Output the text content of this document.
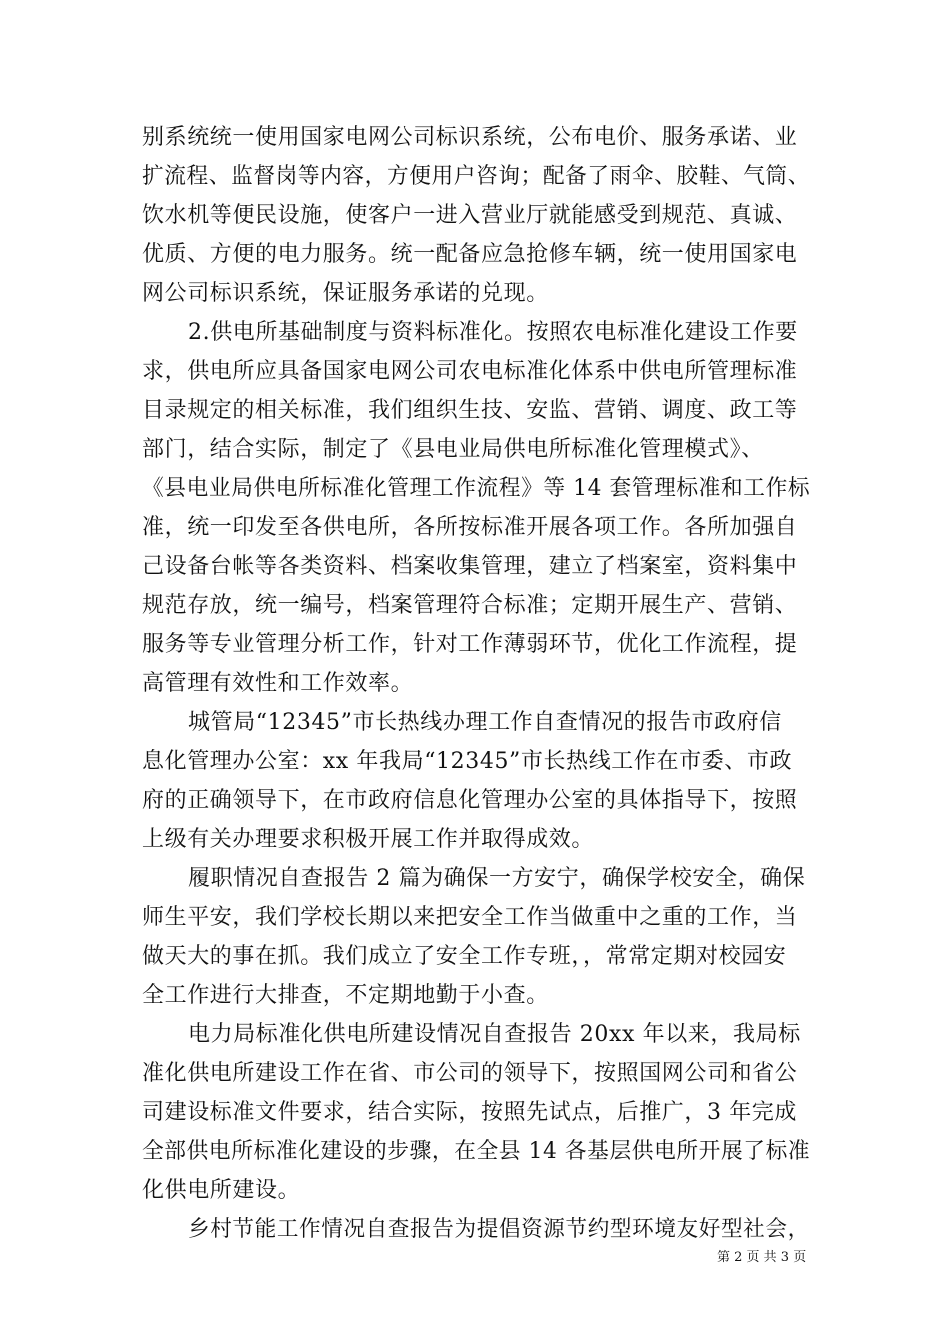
别系统统一使用国家电网公司标识系统，公布电价、服务承诺、业
扩流程、监督岗等内容，方便用户咨询；配备了雨伞、胶鞋、气筒、
饮水机等便民设施，使客户一进入营业厅就能感受到规范、真诚、
优质、方便的电力服务。统一配备应急抢修车辆，统一使用国家电
网公司标识系统，保证服务承诺的兑现。
2.供电所基础制度与资料标准化。按照农电标准化建设工作要
求，供电所应具备国家电网公司农电标准化体系中供电所管理标准
目录规定的相关标准，我们组织生技、安监、营销、调度、政工等
部门，结合实际，制定了《县电业局供电所标准化管理模式》、
《县电业局供电所标准化管理工作流程》等 14 套管理标准和工作标
准，统一印发至各供电所，各所按标准开展各项工作。各所加强自
己设备台帐等各类资料、档案收集管理，建立了档案室，资料集中
规范存放，统一编号，档案管理符合标准；定期开展生产、营销、
服务等专业管理分析工作，针对工作薄弱环节，优化工作流程，提
高管理有效性和工作效率。
城管局“12345”市长热线办理工作自查情况的报告市政府信
息化管理办公室：xx 年我局“12345”市长热线工作在市委、市政
府的正确领导下，在市政府信息化管理办公室的具体指导下，按照
上级有关办理要求积极开展工作并取得成效。
履职情况自查报告 2 篇为确保一方安宁，确保学校安全，确保
师生平安，我们学校长期以来把安全工作当做重中之重的工作，当
做天大的事在抓。我们成立了安全工作专班，，常常定期对校园安
全工作进行大排查，不定期地勤于小查。
电力局标准化供电所建设情况自查报告 20xx 年以来，我局标
准化供电所建设工作在省、市公司的领导下，按照国网公司和省公
司建设标准文件要求，结合实际，按照先试点，后推广，3 年完成
全部供电所标准化建设的步骤，在全县 14 各基层供电所开展了标准
化供电所建设。
乡村节能工作情况自查报告为提倡资源节约型环境友好型社会，
第 2 页 共 3 页
